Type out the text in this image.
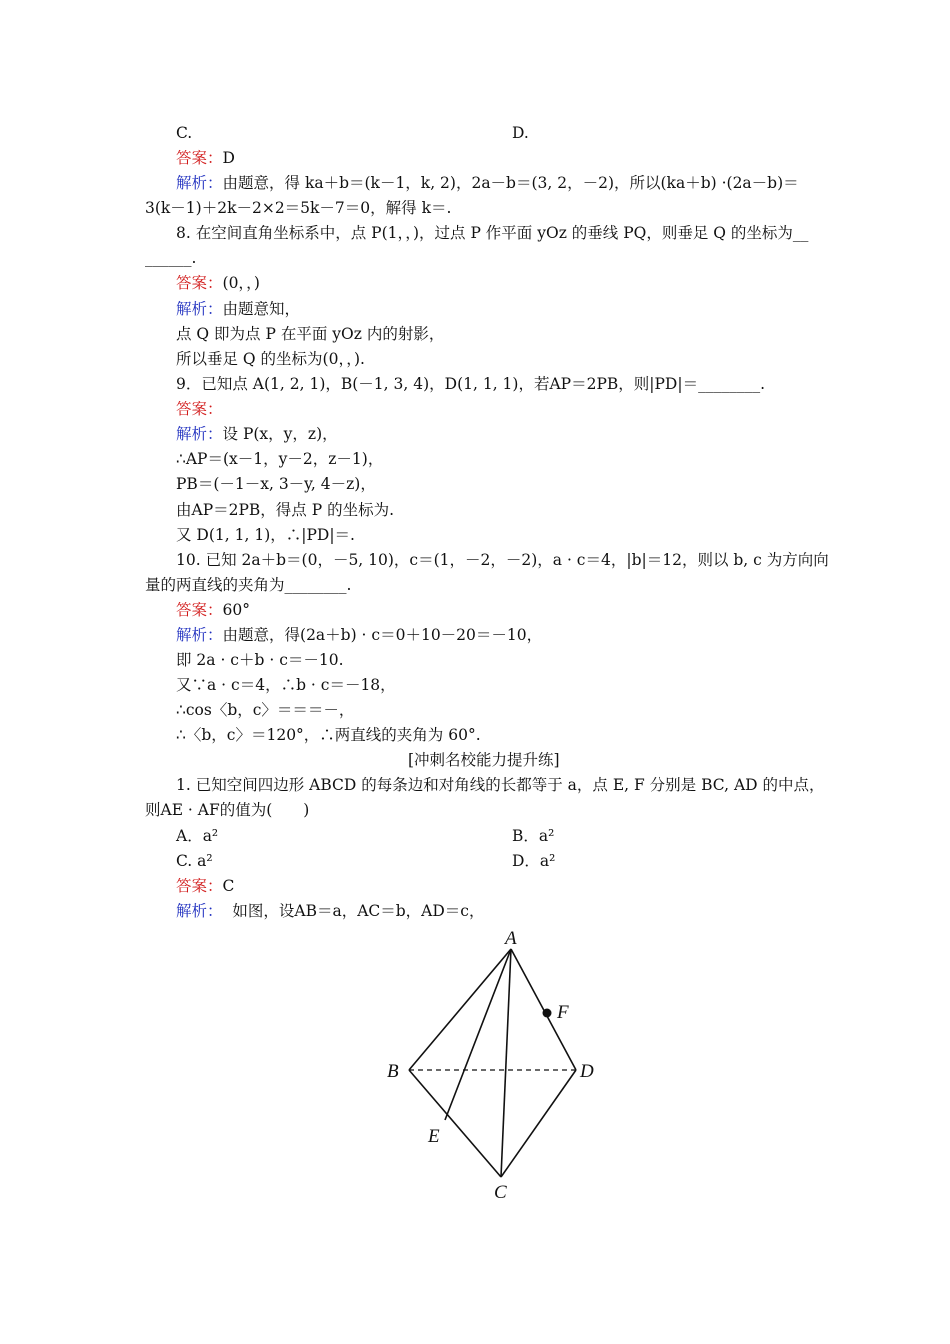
C.	D.
答案：D
解析：由题意，得 ka＋b＝(k－1，k, 2)，2a－b＝(3, 2，－2)，所以(ka＋b) ·(2a－b)＝
3(k－1)＋2k－2×2＝5k－7＝0，解得 k＝.
8. 在空间直角坐标系中，点 P(1，，)，过点 P 作平面 yOz 的垂线 PQ，则垂足 Q 的坐标为__
______.
答案：(0，，)
解析：由题意知，
点 Q 即为点 P 在平面 yOz 内的射影，
所以垂足 Q 的坐标为(0，，).
9．已知点 A(1, 2, 1)，B(－1, 3, 4)，D(1, 1, 1)，若AP＝2PB，则|PD|＝________.
答案：
解析：设 P(x，y，z)，
∴AP＝(x－1，y－2，z－1)，
PB＝(－1－x, 3－y, 4－z)，
由AP＝2PB，得点 P 的坐标为.
又 D(1, 1, 1)，∴|PD|＝.
10. 已知 2a＋b＝(0，－5, 10)，c＝(1，－2，－2)，a · c＝4，|b|＝12，则以 b, c 为方向向
量的两直线的夹角为________.
答案：60°
解析：由题意，得(2a＋b) · c＝0＋10－20＝－10，
即 2a · c＋b · c＝－10.
又∵a · c＝4，∴b · c＝－18，
∴cos〈b，c〉＝＝＝－，
∴〈b，c〉＝120°，∴两直线的夹角为 60°.
[冲刺名校能力提升练]
1. 已知空间四边形 ABCD 的每条边和对角线的长都等于 a，点 E, F 分别是 BC, AD 的中点，
则AE · AF的值为(　　)
A．a²	B．a²
C. a²	D．a²
答案：C
解析： 如图，设AB＝a，AC＝b，AD＝c，
A
B
C
D
E
F
